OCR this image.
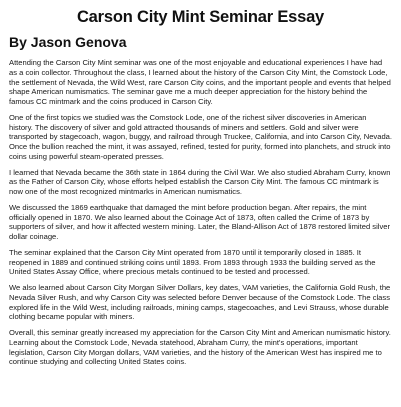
Carson City Mint Seminar Essay
By Jason Genova

Attending the Carson City Mint seminar was one of the most enjoyable and educational experiences I have had as a coin collector. Throughout the class, I learned about the history of the Carson City Mint, the Comstock Lode, the settlement of Nevada, the Wild West, rare Carson City coins, and the important people and events that helped shape American numismatics. The seminar gave me a much deeper appreciation for the history behind the famous CC mintmark and the coins produced in Carson City.

One of the first topics we studied was the Comstock Lode, one of the richest silver discoveries in American history. The discovery of silver and gold attracted thousands of miners and settlers. Gold and silver were transported by stagecoach, wagon, buggy, and railroad through Truckee, California, and into Carson City, Nevada. Once the bullion reached the mint, it was assayed, refined, tested for purity, formed into planchets, and struck into coins using powerful steam-operated presses.

I learned that Nevada became the 36th state in 1864 during the Civil War. We also studied Abraham Curry, known as the Father of Carson City, whose efforts helped establish the Carson City Mint. The famous CC mintmark is now one of the most recognized mintmarks in American numismatics.

We discussed the 1869 earthquake that damaged the mint before production began. After repairs, the mint officially opened in 1870. We also learned about the Coinage Act of 1873, often called the Crime of 1873 by supporters of silver, and how it affected western mining. Later, the Bland-Allison Act of 1878 restored limited silver dollar coinage.

The seminar explained that the Carson City Mint operated from 1870 until it temporarily closed in 1885. It reopened in 1889 and continued striking coins until 1893. From 1893 through 1933 the building served as the United States Assay Office, where precious metals continued to be tested and processed.

We also learned about Carson City Morgan Silver Dollars, key dates, VAM varieties, the California Gold Rush, the Nevada Silver Rush, and why Carson City was selected before Denver because of the Comstock Lode. The class explored life in the Wild West, including railroads, mining camps, stagecoaches, and Levi Strauss, whose durable clothing became popular with miners.

Overall, this seminar greatly increased my appreciation for the Carson City Mint and American numismatic history. Learning about the Comstock Lode, Nevada statehood, Abraham Curry, the mint's operations, important legislation, Carson City Morgan dollars, VAM varieties, and the history of the American West has inspired me to continue studying and collecting United States coins.
